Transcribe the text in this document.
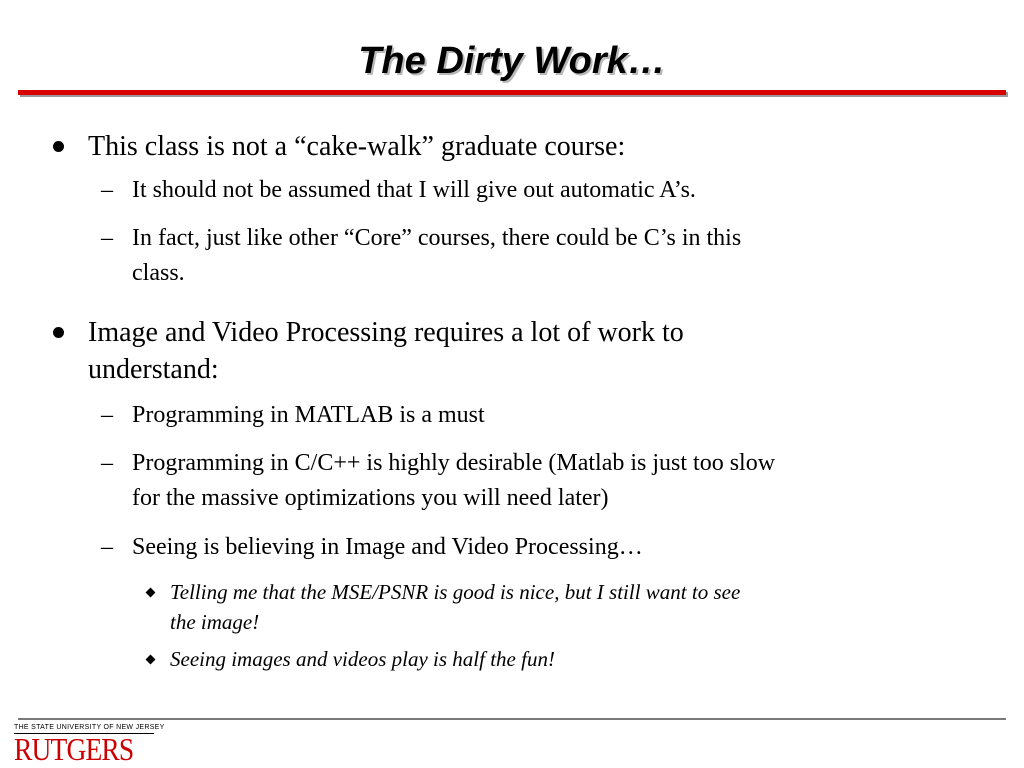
The Dirty Work…
This class is not a “cake-walk” graduate course:
– It should not be assumed that I will give out automatic A’s.
– In fact, just like other “Core” courses, there could be C’s in this
class.
Image and Video Processing requires a lot of work to
understand:
– Programming in MATLAB is a must
– Programming in C/C++ is highly desirable (Matlab is just too slow
for the massive optimizations you will need later)
– Seeing is believing in Image and Video Processing…
Telling me that the MSE/PSNR is good is nice, but I still want to see
the image!
Seeing images and videos play is half the fun!
THE STATE UNIVERSITY OF NEW JERSEY
RUTGERS
